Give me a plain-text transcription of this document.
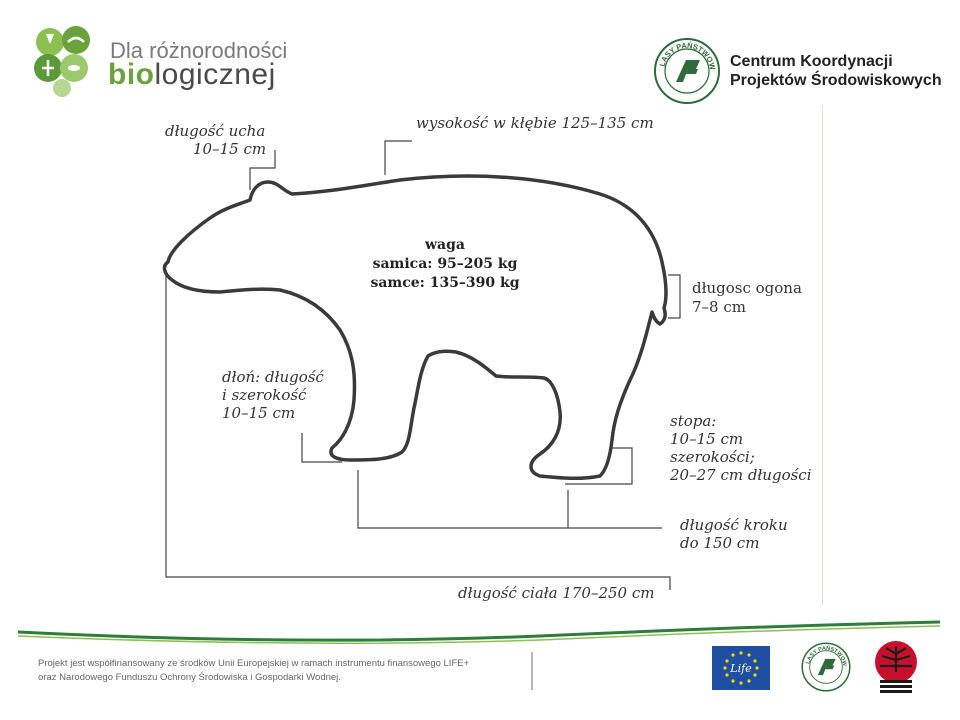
Dla różnorodności
biologicznej	LASY PAŃSTWOWE
Centrum Koordynacji
Projektów Środowiskowych
długość ucha
10–15 cm
wysokość w kłębie 125–135 cm
waga
samica: 95–205 kg
samce: 135–390 kg	długosc ogona
7–8 cm
dłoń: długość
i szerokość
10–15 cm	stopa:
10–15 cm
szerokości;
20–27 cm długości
długość kroku
do 150 cm
długość ciała 170–250 cm
Projekt jest współfinansowany ze środków Unii Europejskiej w ramach instrumentu finansowego LIFE+
oraz Narodowego Funduszu Ochrony Środowiska i Gospodarki Wodnej.
Life	LASY PAŃSTWOWE
